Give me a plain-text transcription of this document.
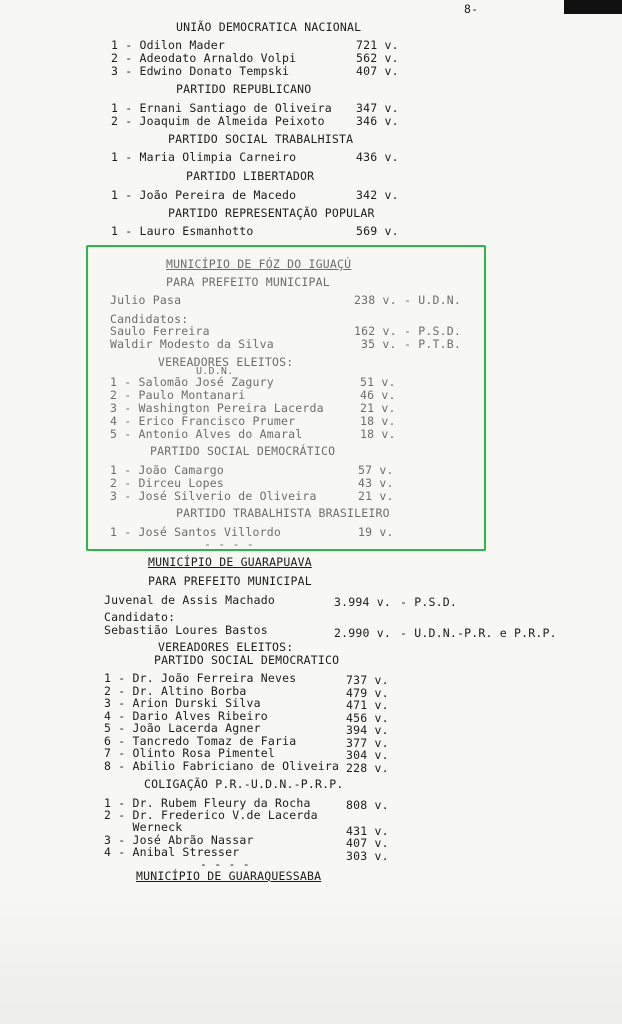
8-
UNIÃO DEMOCRATICA NACIONAL
1 - Odilon Mader	721 v.
2 - Adeodato Arnaldo Volpi	562 v.
3 - Edwino Donato Tempski	407 v.
PARTIDO REPUBLICANO
1 - Ernani Santiago de Oliveira 347 v.
2 - Joaquim de Almeida Peixoto	346 v.
PARTIDO SOCIAL TRABALHISTA
1 - Maria Olimpia Carneiro	436 v.
PARTIDO LIBERTADOR
1 - João Pereira de Macedo	342 v.
PARTIDO REPRESENTAÇÃO POPULAR
1 - Lauro Esmanhotto	569 v.
MUNICÍPIO DE FÓZ DO IGUAÇÚ
PARA PREFEITO MUNICIPAL
Julio Pasa	238 v. - U.D.N.
Candidatos:
Saulo Ferreira	162 v. - P.S.D.
Waldir Modesto da Silva	35 v. - P.T.B.
VEREADORES ELEITOS:
U.D.N.
1 - Salomão José Zagury	51 v.
2 - Paulo Montanari	46 v.
3 - Washington Pereira Lacerda	21 v.
4 - Erico Francisco Prumer	18 v.
5 - Antonio Alves do Amaral	18 v.
PARTIDO SOCIAL DEMOCRÁTICO
1 - João Camargo	57 v.
2 - Dirceu Lopes	43 v.
3 - José Silverio de Oliveira	21 v.
PARTIDO TRABALHISTA BRASILEIRO
1 - José Santos Villordo	19 v.
- - - -
MUNICÍPIO DE GUARAPUAVA
PARA PREFEITO MUNICIPAL
Juvenal de Assis Machado	3.994 v. - P.S.D.
Candidato:
Sebastião Loures Bastos	2.990 v. - U.D.N.-P.R. e P.R.P.
VEREADORES ELEITOS:
PARTIDO SOCIAL DEMOCRATICO
1 - Dr. João Ferreira Neves	737 v.
2 - Dr. Altino Borba	479 v.
3 - Arion Durski Silva	471 v.
4 - Dario Alves Ribeiro	456 v.
5 - João Lacerda Agner	394 v.
6 - Tancredo Tomaz de Faria	377 v.
7 - Olinto Rosa Pimentel	304 v.
8 - Abilio Fabriciano de Oliveira 228 v.
COLIGAÇÃO P.R.-U.D.N.-P.R.P.
1 - Dr. Rubem Fleury da Rocha	808 v.
2 - Dr. Frederico V.de Lacerda
Werneck	431 v.
3 - José Abrão Nassar	407 v.
4 - Anibal Stresser	303 v.
- - - -
MUNICÍPIO DE GUARAQUESSABA
